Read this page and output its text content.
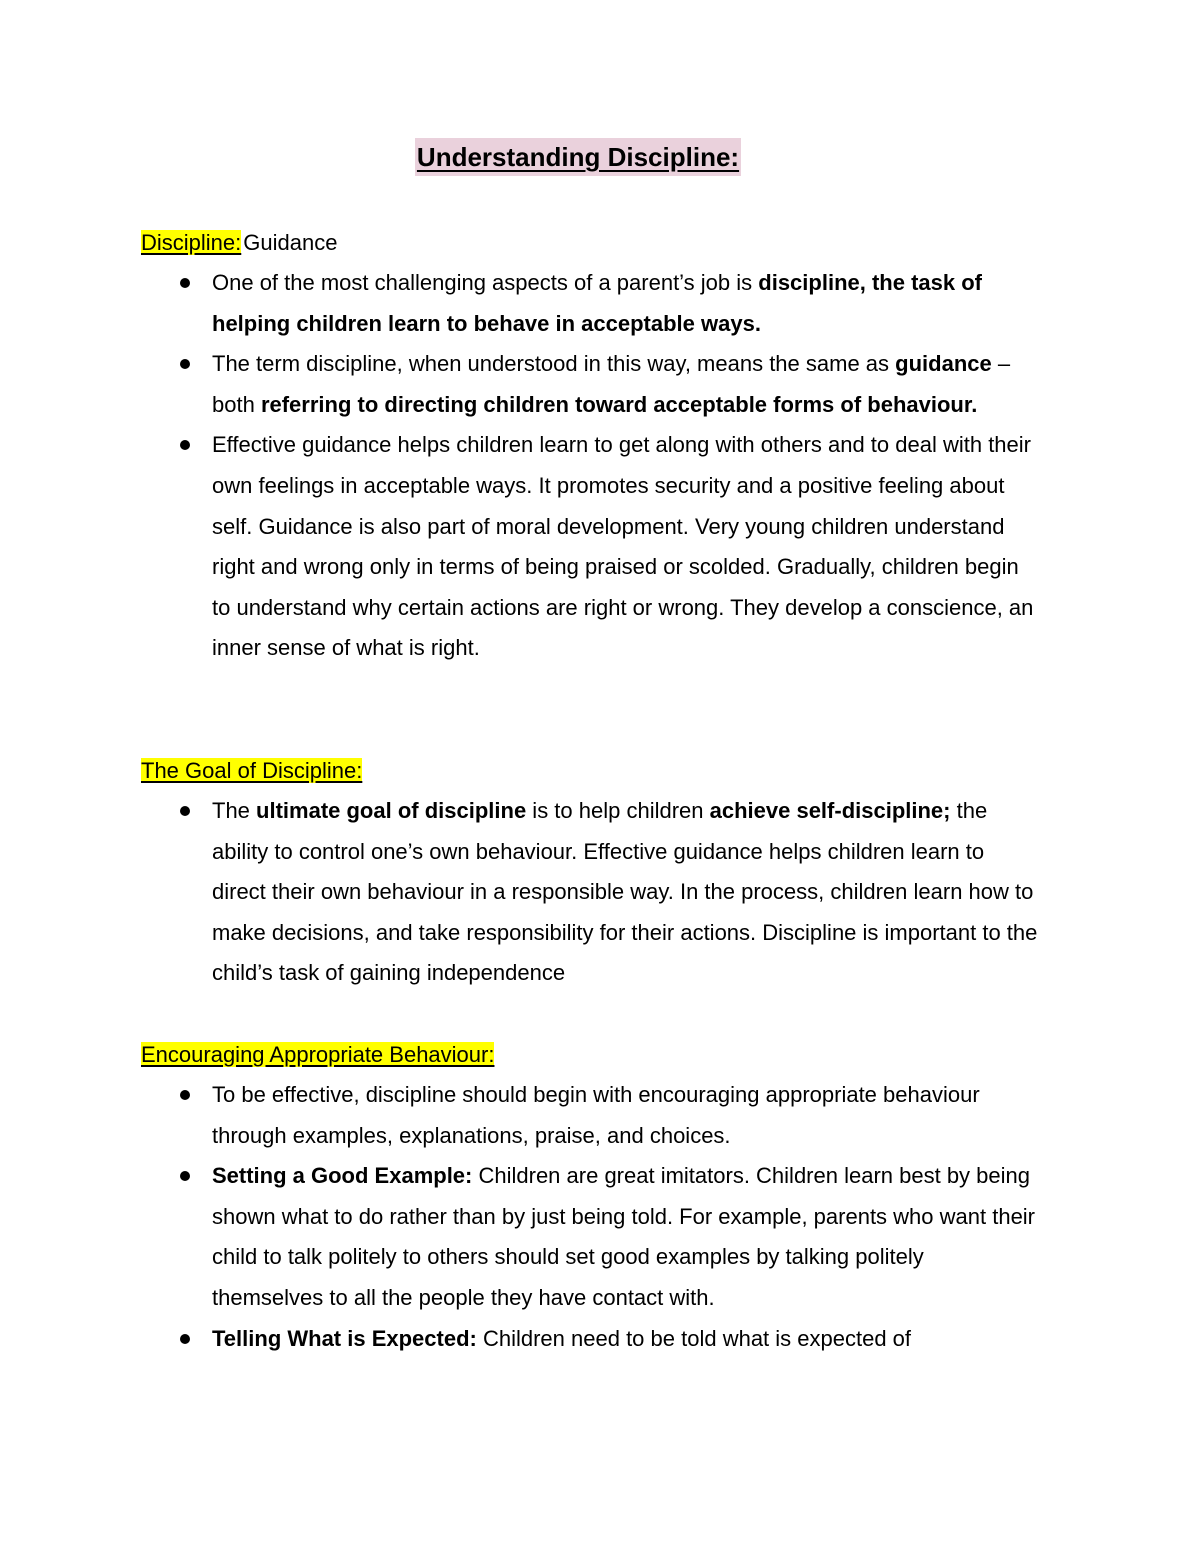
Understanding Discipline:
Discipline:Guidance
One of the most challenging aspects of a parent’s job is discipline, the task of helping children learn to behave in acceptable ways.
The term discipline, when understood in this way, means the same as guidance – both referring to directing children toward acceptable forms of behaviour.
Effective guidance helps children learn to get along with others and to deal with their own feelings in acceptable ways. It promotes security and a positive feeling about self. Guidance is also part of moral development. Very young children understand right and wrong only in terms of being praised or scolded. Gradually, children begin to understand why certain actions are right or wrong. They develop a conscience, an inner sense of what is right.
The Goal of Discipline:
The ultimate goal of discipline is to help children achieve self-discipline; the ability to control one’s own behaviour. Effective guidance helps children learn to direct their own behaviour in a responsible way. In the process, children learn how to make decisions, and take responsibility for their actions. Discipline is important to the child’s task of gaining independence
Encouraging Appropriate Behaviour:
To be effective, discipline should begin with encouraging appropriate behaviour through examples, explanations, praise, and choices.
Setting a Good Example: Children are great imitators. Children learn best by being shown what to do rather than by just being told. For example, parents who want their child to talk politely to others should set good examples by talking politely themselves to all the people they have contact with.
Telling What is Expected: Children need to be told what is expected of
